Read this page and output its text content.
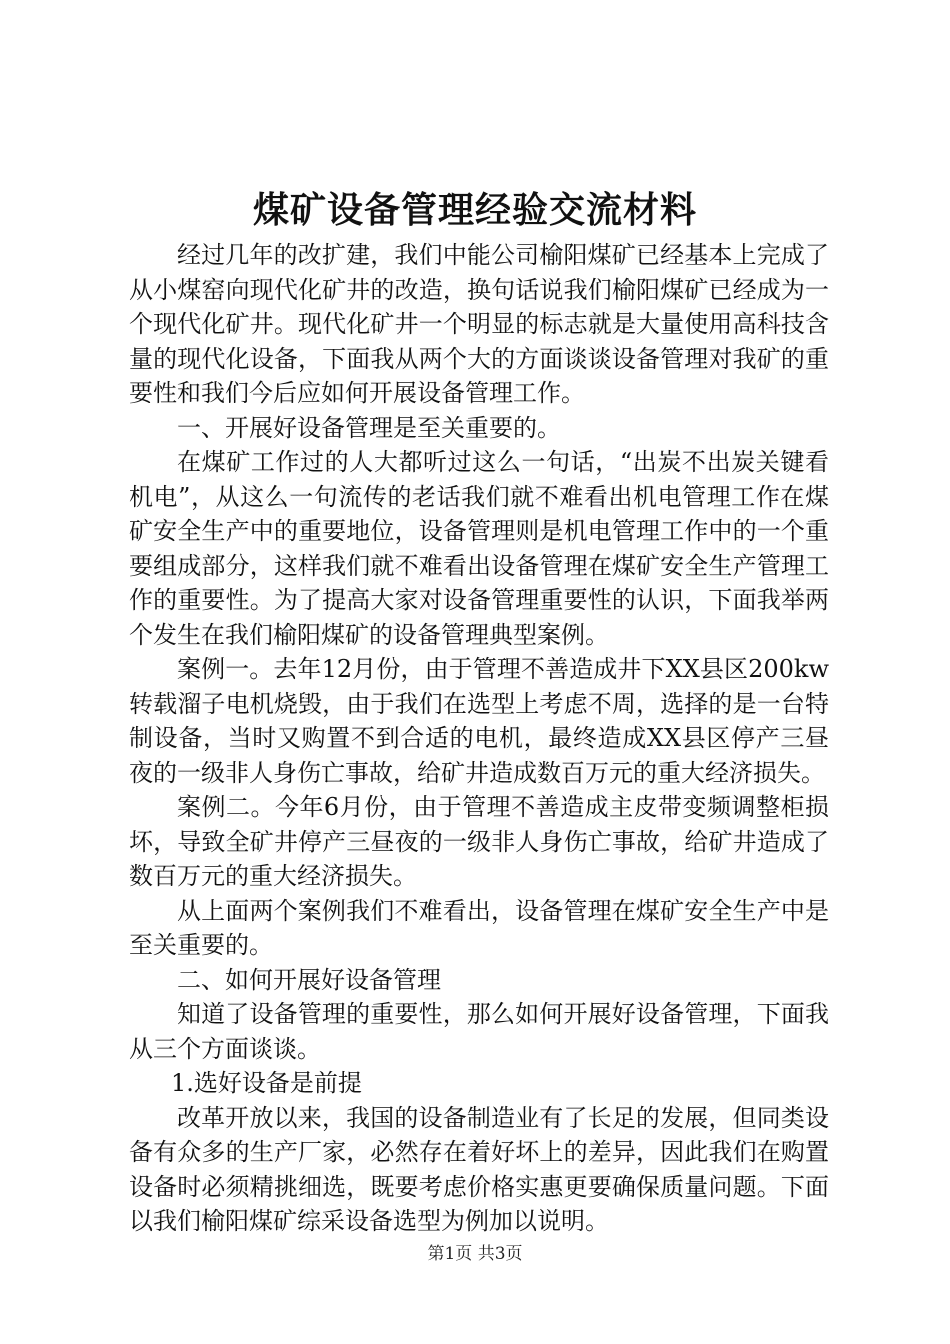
煤矿设备管理经验交流材料

经过几年的改扩建，我们中能公司榆阳煤矿已经基本上完成了从小煤窑向现代化矿井的改造，换句话说我们榆阳煤矿已经成为一个现代化矿井。现代化矿井一个明显的标志就是大量使用高科技含量的现代化设备，下面我从两个大的方面谈谈设备管理对我矿的重要性和我们今后应如何开展设备管理工作。

一、开展好设备管理是至关重要的。

在煤矿工作过的人大都听过这么一句话，“出炭不出炭关键看机电”，从这么一句流传的老话我们就不难看出机电管理工作在煤矿安全生产中的重要地位，设备管理则是机电管理工作中的一个重要组成部分，这样我们就不难看出设备管理在煤矿安全生产管理工作的重要性。为了提高大家对设备管理重要性的认识，下面我举两个发生在我们榆阳煤矿的设备管理典型案例。

案例一。去年12月份，由于管理不善造成井下XX县区200kw转载溜子电机烧毁，由于我们在选型上考虑不周，选择的是一台特制设备，当时又购置不到合适的电机，最终造成XX县区停产三昼夜的一级非人身伤亡事故，给矿井造成数百万元的重大经济损失。

案例二。今年6月份，由于管理不善造成主皮带变频调整柜损坏，导致全矿井停产三昼夜的一级非人身伤亡事故，给矿井造成了数百万元的重大经济损失。

从上面两个案例我们不难看出，设备管理在煤矿安全生产中是至关重要的。

二、如何开展好设备管理

知道了设备管理的重要性，那么如何开展好设备管理，下面我从三个方面谈谈。

1.选好设备是前提

改革开放以来，我国的设备制造业有了长足的发展，但同类设备有众多的生产厂家，必然存在着好坏上的差异，因此我们在购置设备时必须精挑细选，既要考虑价格实惠更要确保质量问题。下面以我们榆阳煤矿综采设备选型为例加以说明。

第1页 共3页
